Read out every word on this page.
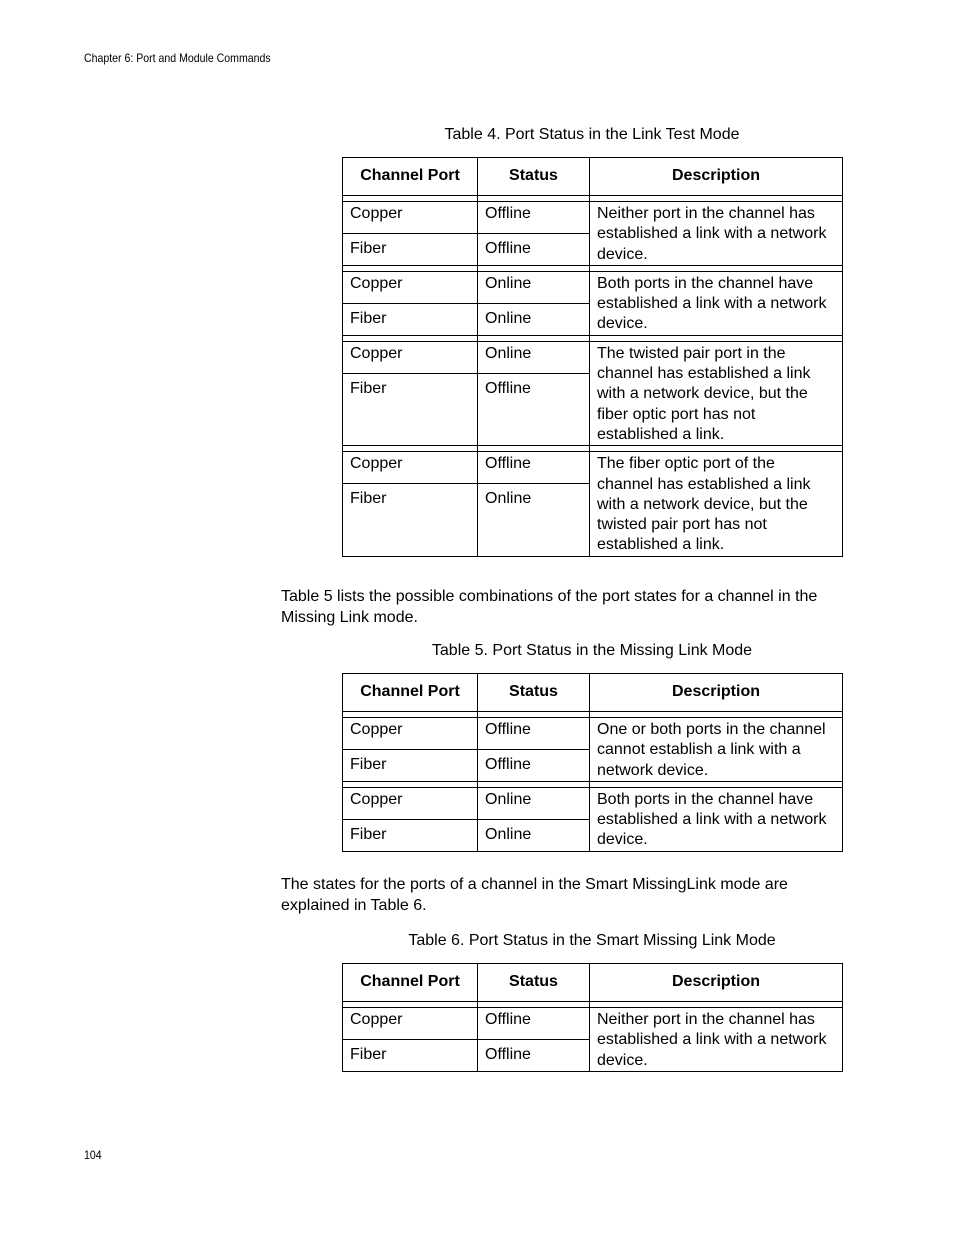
Chapter 6: Port and Module Commands
Table 4. Port Status in the Link Test Mode
Channel Port	Status	Description

Copper	Offline	Neither port in the channel has established a link with a network device.
Fiber	Offline	

Copper	Online	Both ports in the channel have established a link with a network device.
Fiber	Online	

Copper	Online	The twisted pair port in the channel has established a link with a network device, but the fiber optic port has not established a link.
Fiber	Offline	

Copper	Offline	The fiber optic port of the channel has established a link with a network device, but the twisted pair port has not established a link.
Fiber	Online	
Table 5 lists the possible combinations of the port states for a channel in the Missing Link mode.
Table 5. Port Status in the Missing Link Mode
Channel Port	Status	Description

Copper	Offline	One or both ports in the channel cannot establish a link with a network device.
Fiber	Offline	

Copper	Online	Both ports in the channel have established a link with a network device.
Fiber	Online	
The states for the ports of a channel in the Smart MissingLink mode are explained in Table 6.
Table 6. Port Status in the Smart Missing Link Mode
Channel Port	Status	Description

Copper	Offline	Neither port in the channel has established a link with a network device.
Fiber	Offline	
104
